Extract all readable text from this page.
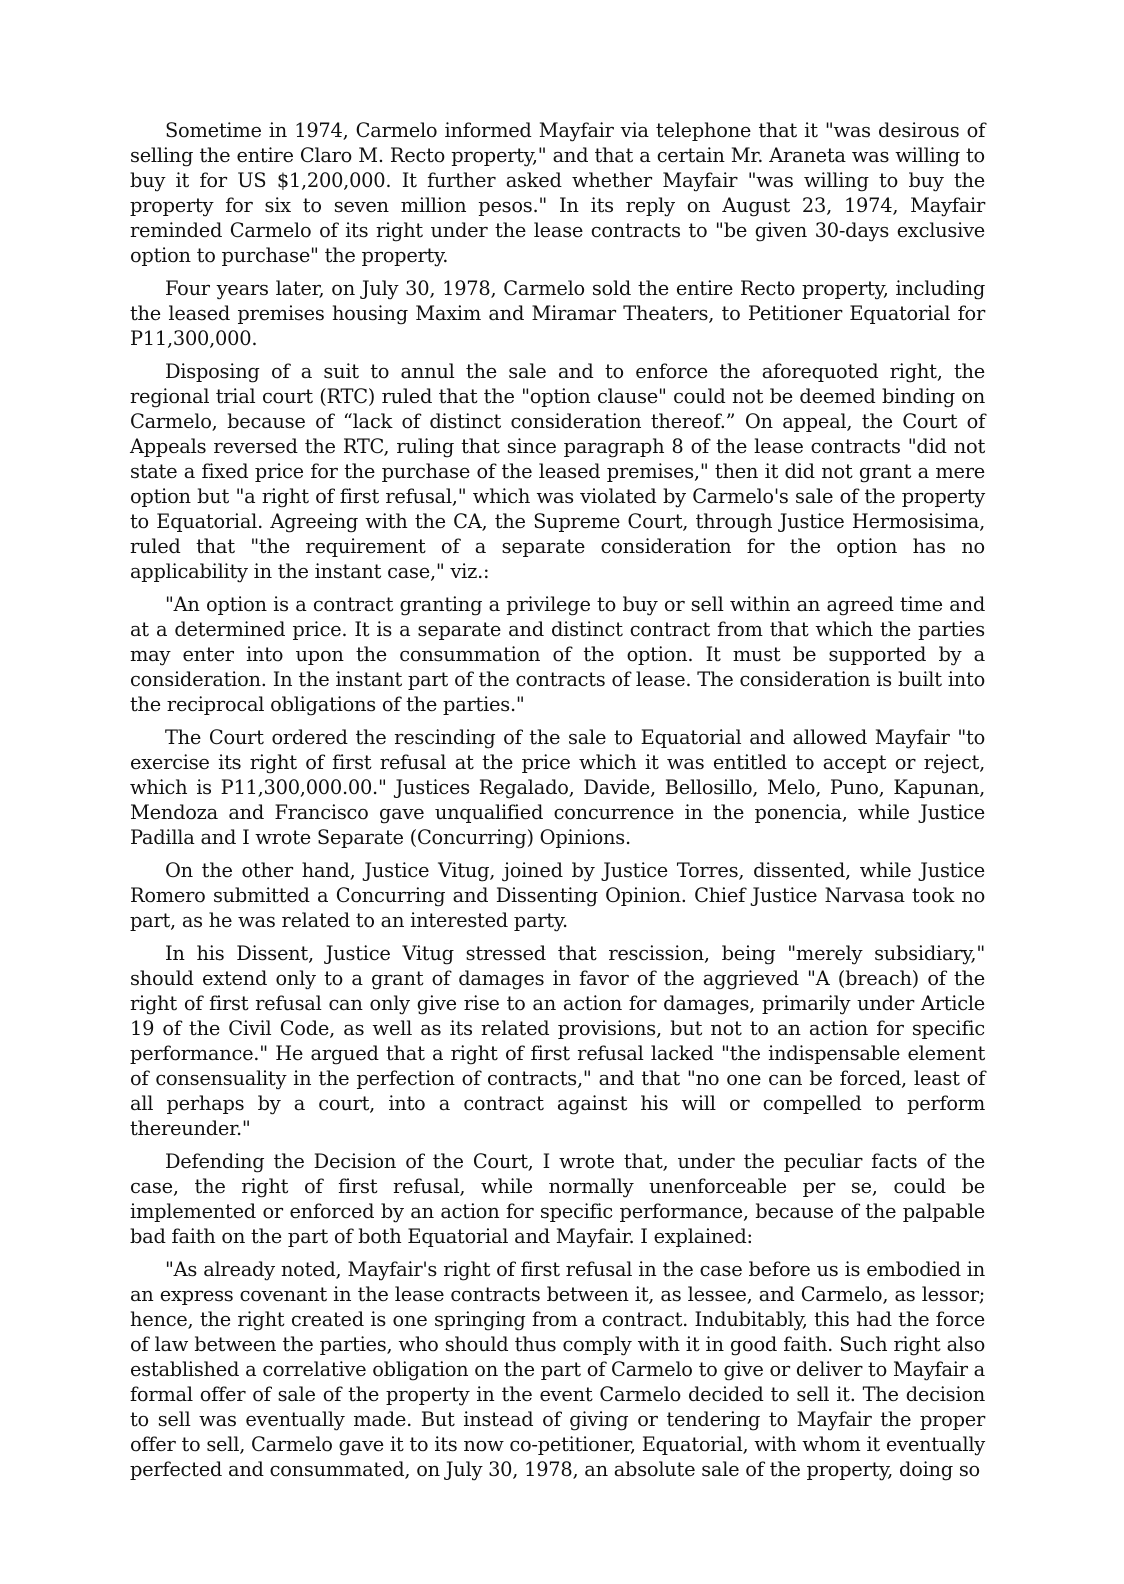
Sometime in 1974, Carmelo informed Mayfair via telephone that it "was desirous of selling the entire Claro M. Recto property," and that a certain Mr. Araneta was willing to buy it for US $1,200,000. It further asked whether Mayfair "was willing to buy the property for six to seven million pesos." In its reply on August 23, 1974, Mayfair reminded Carmelo of its right under the lease contracts to "be given 30-days exclusive option to purchase" the property.

Four years later, on July 30, 1978, Carmelo sold the entire Recto property, including the leased premises housing Maxim and Miramar Theaters, to Petitioner Equatorial for P11,300,000.

Disposing of a suit to annul the sale and to enforce the aforequoted right, the regional trial court (RTC) ruled that the "option clause" could not be deemed binding on Carmelo, because of “lack of distinct consideration thereof.” On appeal, the Court of Appeals reversed the RTC, ruling that since paragraph 8 of the lease contracts "did not state a fixed price for the purchase of the leased premises," then it did not grant a mere option but "a right of first refusal," which was violated by Carmelo's sale of the property to Equatorial. Agreeing with the CA, the Supreme Court, through Justice Hermosisima, ruled that "the requirement of a separate consideration for the option has no applicability in the instant case," viz.:

"An option is a contract granting a privilege to buy or sell within an agreed time and at a determined price. It is a separate and distinct contract from that which the parties may enter into upon the consummation of the option. It must be supported by a consideration. In the instant part of the contracts of lease. The consideration is built into the reciprocal obligations of the parties."

The Court ordered the rescinding of the sale to Equatorial and allowed Mayfair "to exercise its right of first refusal at the price which it was entitled to accept or reject, which is P11,300,000.00." Justices Regalado, Davide, Bellosillo, Melo, Puno, Kapunan, Mendoza and Francisco gave unqualified concurrence in the ponencia, while Justice Padilla and I wrote Separate (Concurring) Opinions.

On the other hand, Justice Vitug, joined by Justice Torres, dissented, while Justice Romero submitted a Concurring and Dissenting Opinion. Chief Justice Narvasa took no part, as he was related to an interested party.

In his Dissent, Justice Vitug stressed that rescission, being "merely subsidiary," should extend only to a grant of damages in favor of the aggrieved "A (breach) of the right of first refusal can only give rise to an action for damages, primarily under Article 19 of the Civil Code, as well as its related provisions, but not to an action for specific performance." He argued that a right of first refusal lacked "the indispensable element of consensuality in the perfection of contracts," and that "no one can be forced, least of all perhaps by a court, into a contract against his will or compelled to perform thereunder."

Defending the Decision of the Court, I wrote that, under the peculiar facts of the case, the right of first refusal, while normally unenforceable per se, could be implemented or enforced by an action for specific performance, because of the palpable bad faith on the part of both Equatorial and Mayfair. I explained:

"As already noted, Mayfair's right of first refusal in the case before us is embodied in an express covenant in the lease contracts between it, as lessee, and Carmelo, as lessor; hence, the right created is one springing from a contract. Indubitably, this had the force of law between the parties, who should thus comply with it in good faith. Such right also established a correlative obligation on the part of Carmelo to give or deliver to Mayfair a formal offer of sale of the property in the event Carmelo decided to sell it. The decision to sell was eventually made. But instead of giving or tendering to Mayfair the proper offer to sell, Carmelo gave it to its now co-petitioner, Equatorial, with whom it eventually perfected and consummated, on July 30, 1978, an absolute sale of the property, doing so
